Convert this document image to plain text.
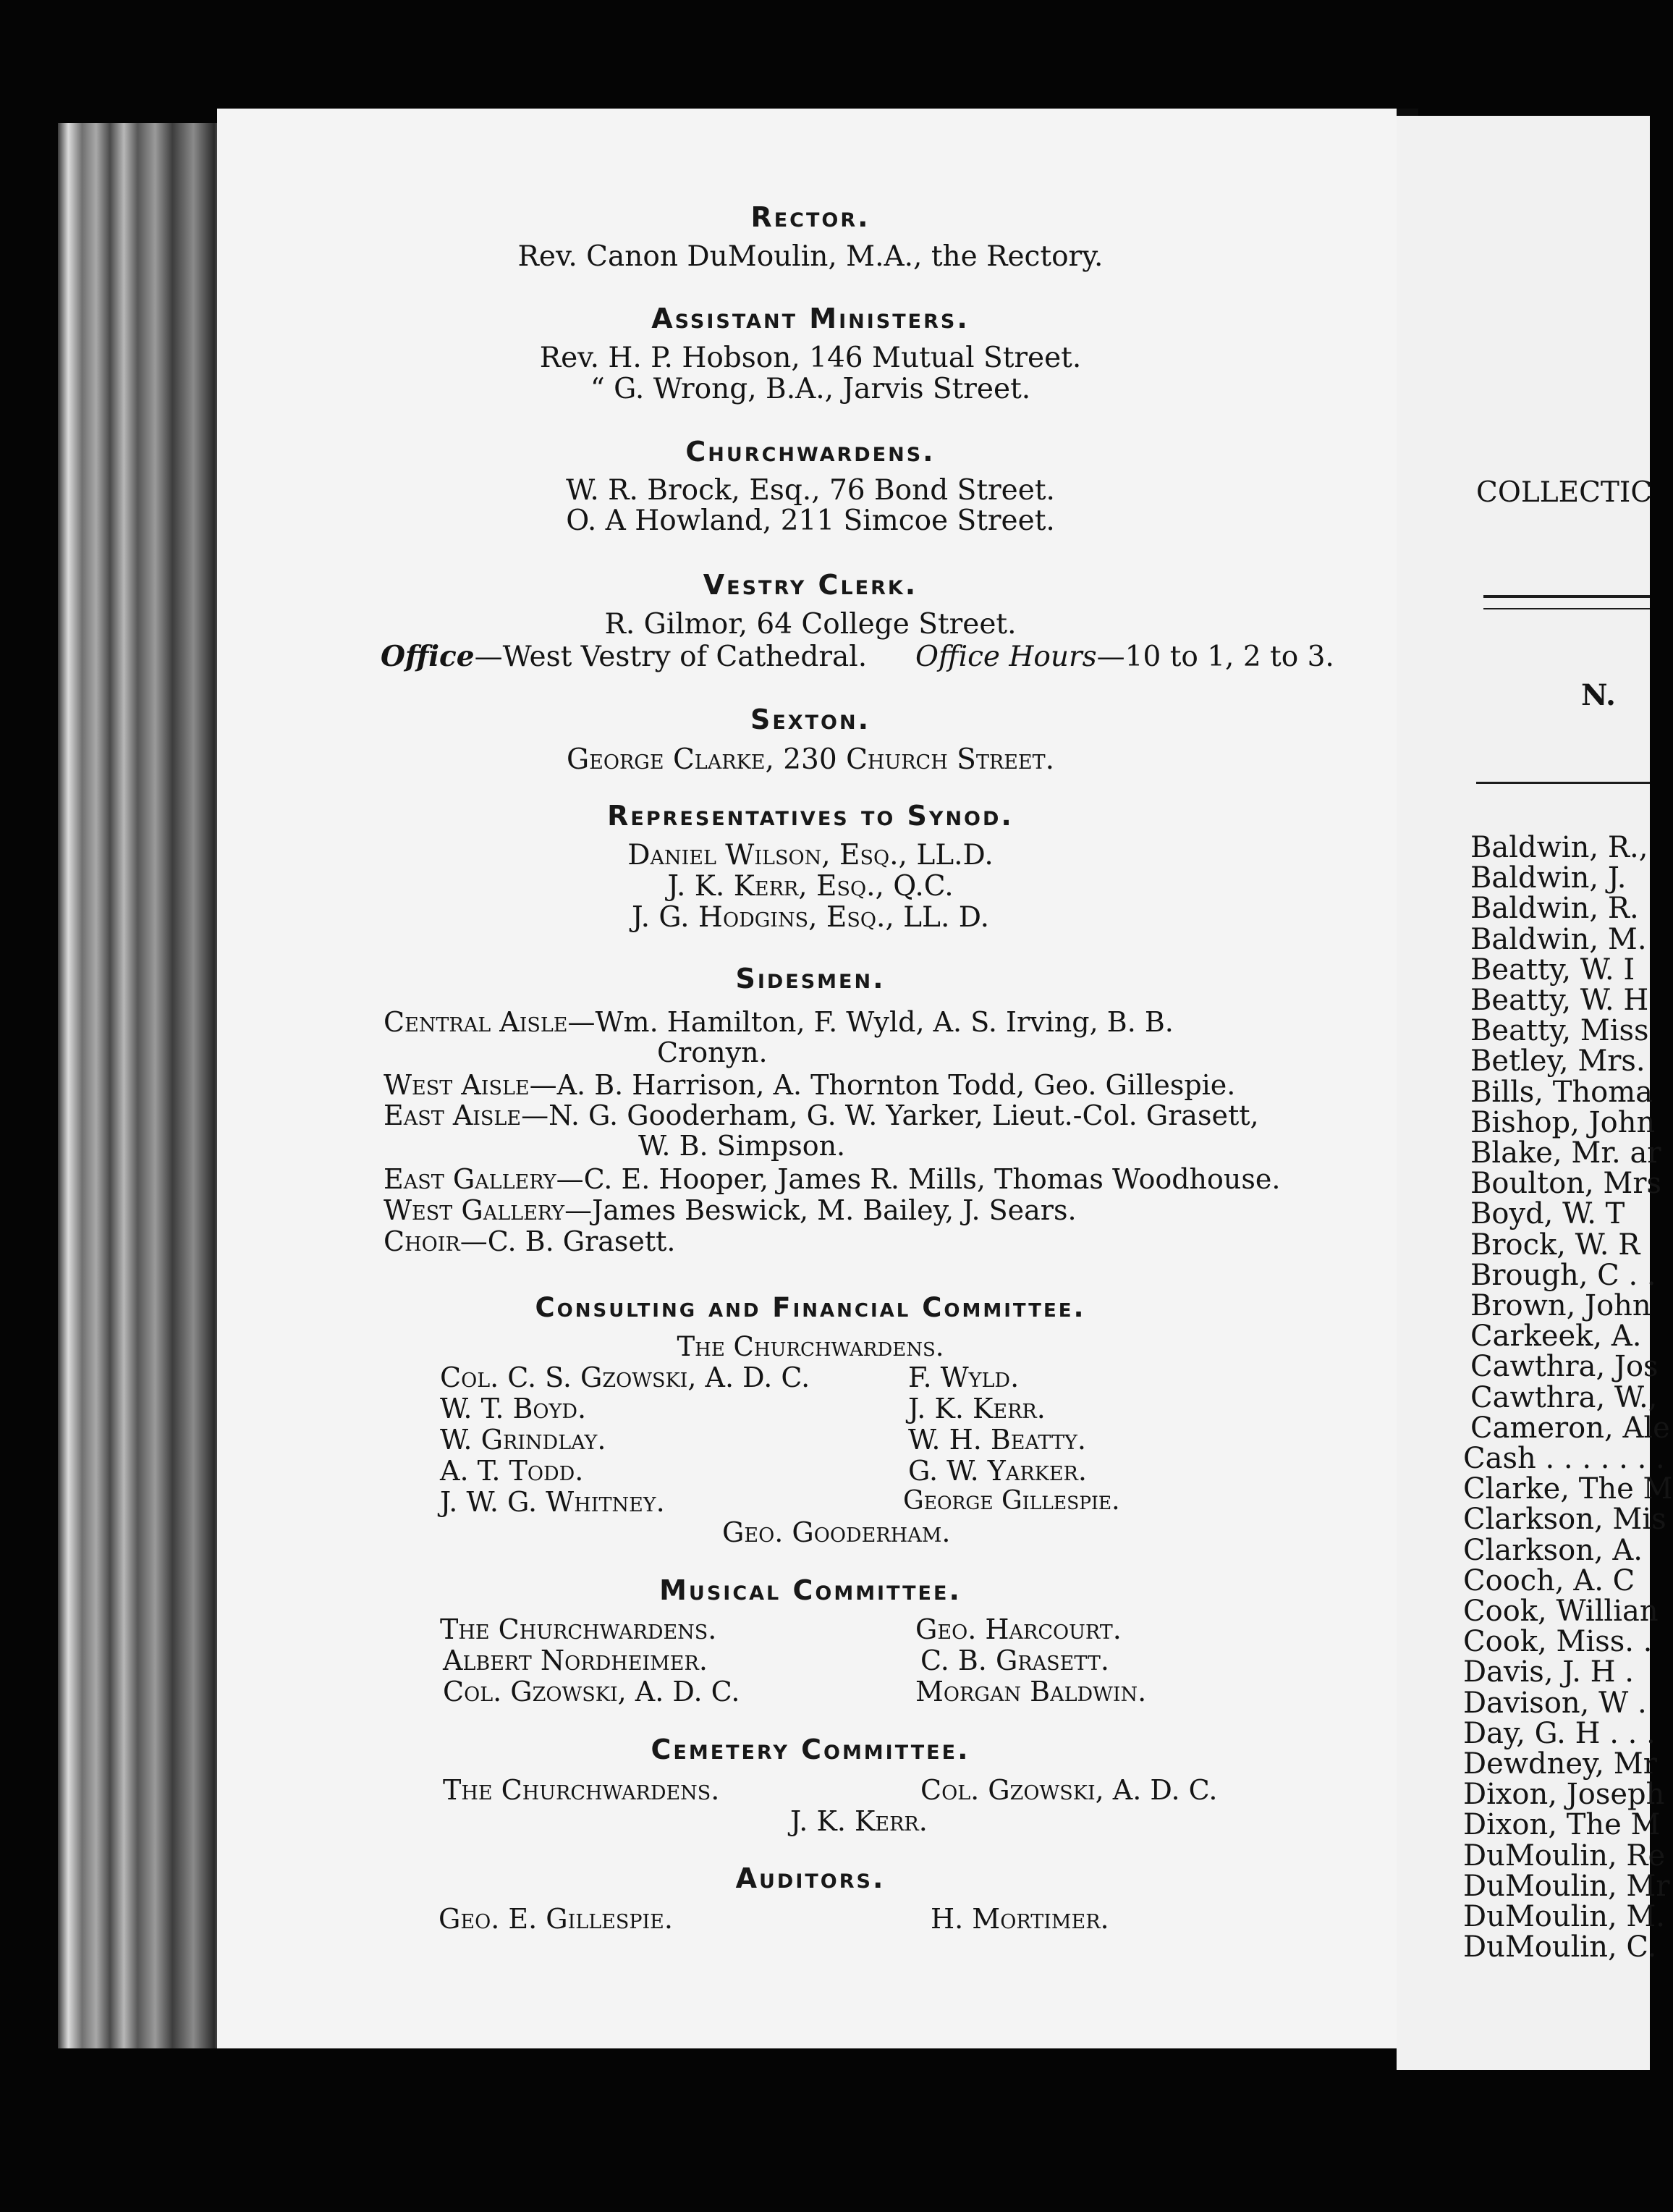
Rector.
Rev. Canon DuMoulin, M.A., the Rectory.
Assistant Ministers.
Rev. H. P. Hobson, 146 Mutual Street.
“ G. Wrong, B.A., Jarvis Street.
Churchwardens.
W. R. Brock, Esq., 76 Bond Street.
O. A Howland, 211 Simcoe Street.
Vestry Clerk.
R. Gilmor, 64 College Street.
Office—West Vestry of Cathedral. Office Hours—10 to 1, 2 to 3.
Sexton.
George Clarke, 230 Church Street.
Representatives to Synod.
Daniel Wilson, Esq., LL.D.
J. K. Kerr, Esq., Q.C.
J. G. Hodgins, Esq., LL. D.
Sidesmen.
Central Aisle—Wm. Hamilton, F. Wyld, A. S. Irving, B. B.
Cronyn.
West Aisle—A. B. Harrison, A. Thornton Todd, Geo. Gillespie.
East Aisle—N. G. Gooderham, G. W. Yarker, Lieut.-Col. Grasett,
W. B. Simpson.
East Gallery—C. E. Hooper, James R. Mills, Thomas Woodhouse.
West Gallery—James Beswick, M. Bailey, J. Sears.
Choir—C. B. Grasett.
Consulting and Financial Committee.
The Churchwardens.
Col. C. S. Gzowski, A. D. C.
W. T. Boyd.
W. Grindlay.
A. T. Todd.
J. W. G. Whitney.
F. Wyld.
J. K. Kerr.
W. H. Beatty.
G. W. Yarker.
George Gillespie.
Geo. Gooderham.
Musical Committee.
The Churchwardens.
Albert Nordheimer.
Col. Gzowski, A. D. C.
Geo. Harcourt.
C. B. Grasett.
Morgan Baldwin.
Cemetery Committee.
The Churchwardens.	Col. Gzowski, A. D. C.
J. K. Kerr.
Auditors.
Geo. E. Gillespie.	H. Mortimer.
COLLECTIC
N.
Baldwin, R.,
Baldwin, J.
Baldwin, R.
Baldwin, M.
Beatty, W. I
Beatty, W. H
Beatty, Miss
Betley, Mrs.
Bills, Thoma
Bishop, John
Blake, Mr. ar
Boulton, Mrs
Boyd, W. T
Brock, W. R
Brough, C . .
Brown, John
Carkeek, A.
Cawthra, Jos
Cawthra, W.,
Cameron, Ale
Cash . . . . . . .
Clarke, The M
Clarkson, Mis
Clarkson, A.
Cooch, A. C
Cook, Willian
Cook, Miss. .
Davis, J. H .
Davison, W .
Day, G. H . . .
Dewdney, Mr
Dixon, Joseph
Dixon, The M
DuMoulin, Re
DuMoulin, Mr
DuMoulin, M.
DuMoulin, C.
